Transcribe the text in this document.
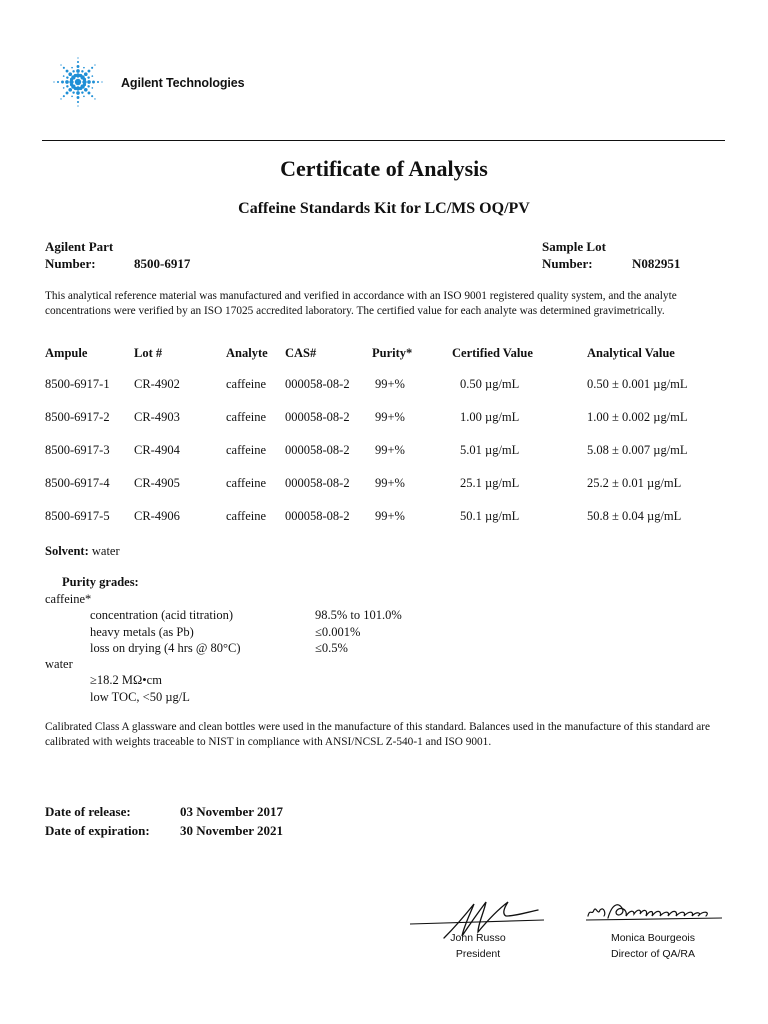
Agilent Technologies
Certificate of Analysis
Caffeine Standards Kit for LC/MS OQ/PV
Agilent Part
Number:	8500-6917
Sample Lot
Number:	N082951
This analytical reference material was manufactured and verified in accordance with an ISO 9001 registered quality system, and the analyte concentrations were verified by an ISO 17025 accredited laboratory. The certified value for each analyte was determined gravimetrically.
Ampule	Lot #	Analyte CAS#	Purity*	Certified Value	Analytical Value
8500-6917-1 CR-4902	caffeine 000058-08-2 99+%	0.50 µg/mL	0.50 ± 0.001 µg/mL
8500-6917-2 CR-4903	caffeine 000058-08-2 99+%	1.00 µg/mL	1.00 ± 0.002 µg/mL
8500-6917-3 CR-4904	caffeine 000058-08-2 99+%	5.01 µg/mL	5.08 ± 0.007 µg/mL
8500-6917-4 CR-4905	caffeine 000058-08-2 99+%	25.1 µg/mL	25.2 ± 0.01 µg/mL
8500-6917-5 CR-4906	caffeine 000058-08-2 99+%	50.1 µg/mL	50.8 ± 0.04 µg/mL
Solvent: water
Purity grades:
caffeine*
concentration (acid titration)	98.5% to 101.0%
heavy metals (as Pb)	≤0.001%
loss on drying (4 hrs @ 80°C)	≤0.5%
water
≥18.2 MΩ•cm
low TOC, <50 µg/L
Calibrated Class A glassware and clean bottles were used in the manufacture of this standard. Balances used in the manufacture of this standard are calibrated with weights traceable to NIST in compliance with ANSI/NCSL Z-540-1 and ISO 9001.
Date of release:	03 November 2017
Date of expiration: 30 November 2021
John Russo
President
Monica Bourgeois
Director of QA/RA
